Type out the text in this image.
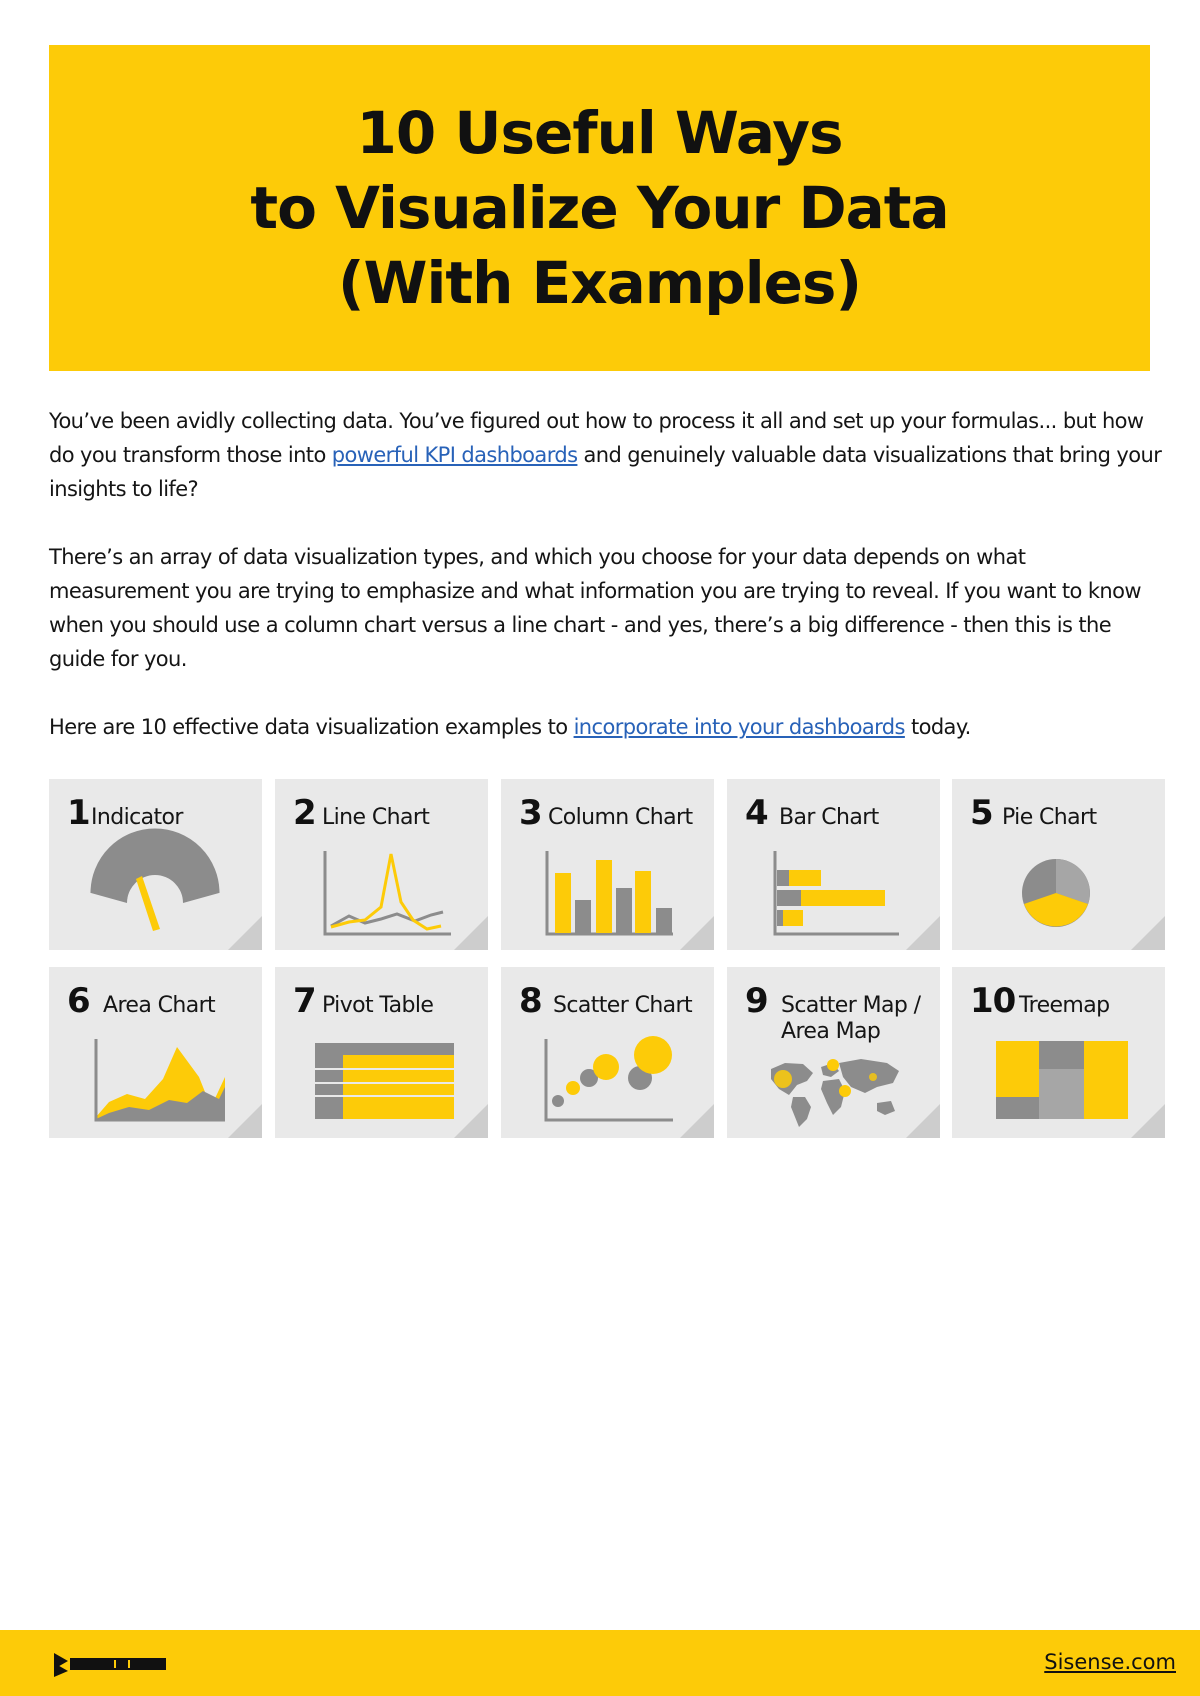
10 Useful Ways
to Visualize Your Data
(With Examples)

You’ve been avidly collecting data. You’ve figured out how to process it all and set up your formulas... but how do you transform those into powerful KPI dashboards and genuinely valuable data visualizations that bring your insights to life?

There’s an array of data visualization types, and which you choose for your data depends on what measurement you are trying to emphasize and what information you are trying to reveal. If you want to know when you should use a column chart versus a line chart - and yes, there’s a big difference - then this is the guide for you.

Here are 10 effective data visualization examples to incorporate into your dashboards today.

1 Indicator	2 Line Chart	3 Column Chart 4 Bar Chart	5 Pie Chart
6 Area Chart 7 Pivot Table	8 Scatter Chart 9 Scatter Map /
Area Map
10 Treemap
Sisense.com
